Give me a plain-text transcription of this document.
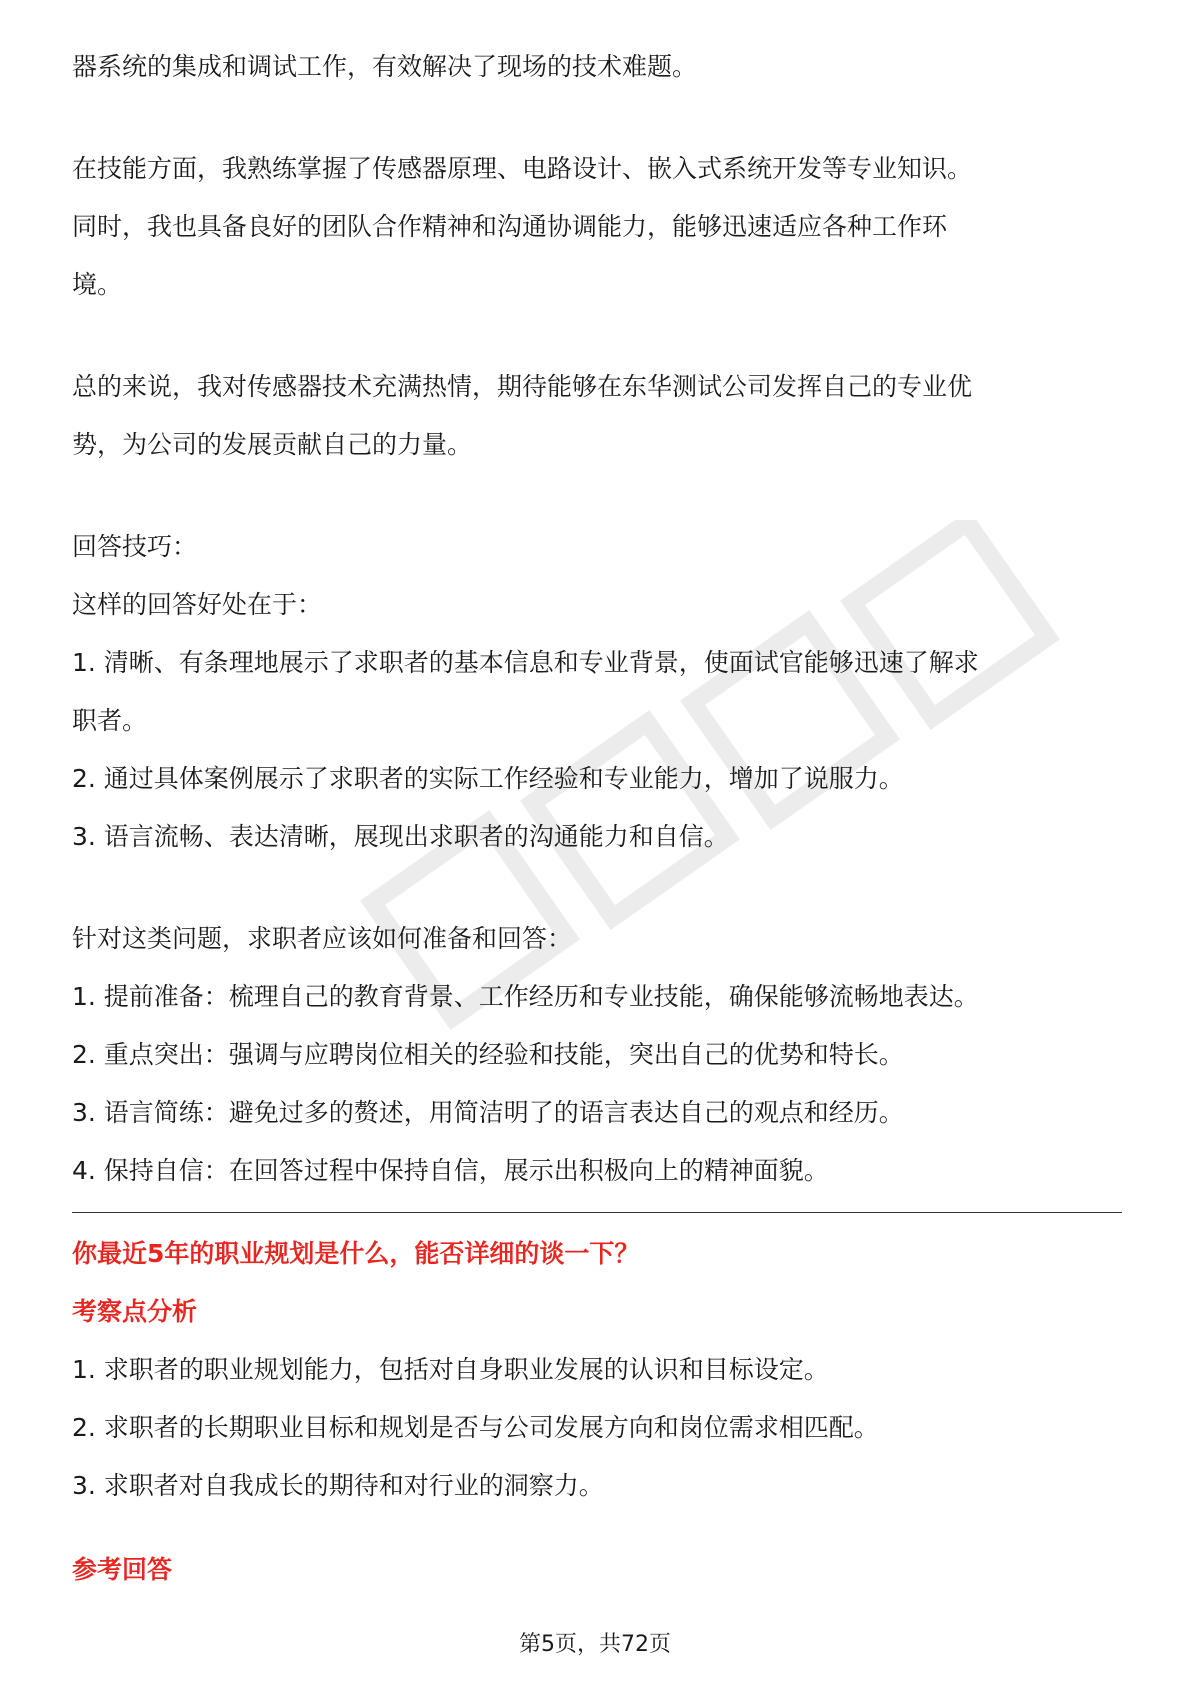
器系统的集成和调试工作，有效解决了现场的技术难题。

在技能方面，我熟练掌握了传感器原理、电路设计、嵌入式系统开发等专业知识。

同时，我也具备良好的团队合作精神和沟通协调能力，能够迅速适应各种工作环

境。

总的来说，我对传感器技术充满热情，期待能够在东华测试公司发挥自己的专业优

势，为公司的发展贡献自己的力量。

回答技巧：

这样的回答好处在于：

1. 清晰、有条理地展示了求职者的基本信息和专业背景，使面试官能够迅速了解求

职者。

2. 通过具体案例展示了求职者的实际工作经验和专业能力，增加了说服力。

3. 语言流畅、表达清晰，展现出求职者的沟通能力和自信。

针对这类问题，求职者应该如何准备和回答：

1. 提前准备：梳理自己的教育背景、工作经历和专业技能，确保能够流畅地表达。

2. 重点突出：强调与应聘岗位相关的经验和技能，突出自己的优势和特长。

3. 语言简练：避免过多的赘述，用简洁明了的语言表达自己的观点和经历。

4. 保持自信：在回答过程中保持自信，展示出积极向上的精神面貌。

你最近5年的职业规划是什么，能否详细的谈一下？

考察点分析

1. 求职者的职业规划能力，包括对自身职业发展的认识和目标设定。

2. 求职者的长期职业目标和规划是否与公司发展方向和岗位需求相匹配。

3. 求职者对自我成长的期待和对行业的洞察力。

参考回答

第5页，共72页
